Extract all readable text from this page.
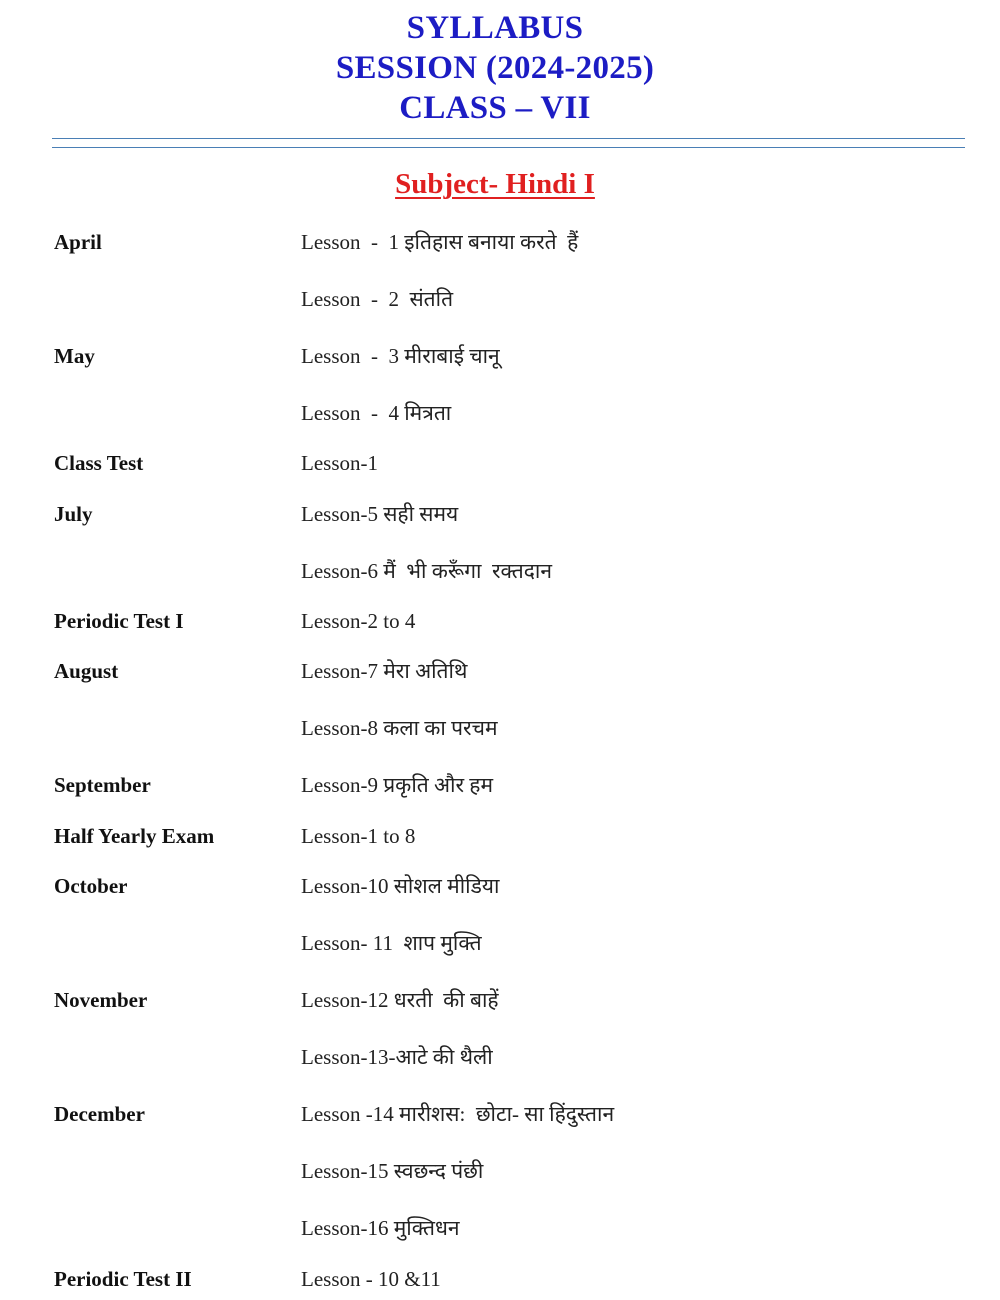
SYLLABUS
SESSION (2024-2025)
CLASS – VII
Subject- Hindi I
April	Lesson  -  1 इतिहास बनाया करते  हैं
Lesson  -  2  संतति
May	Lesson  -  3 मीराबाई चानू
Lesson  -  4 मित्रता
Class Test	Lesson-1
July	Lesson-5 सही समय
Lesson-6 मैं  भी करूँगा  रक्तदान
Periodic Test I	Lesson-2 to 4
August	Lesson-7 मेरा अतिथि
Lesson-8 कला का परचम
September	Lesson-9 प्रकृति और हम
Half Yearly Exam	Lesson-1 to 8
October	Lesson-10 सोशल मीडिया
Lesson- 11  शाप मुक्ति
November	Lesson-12 धरती  की बाहें
Lesson-13-आटे की थैली
December	Lesson -14 मारीशस:  छोटा- सा हिंदुस्तान
Lesson-15 स्वछन्द पंछी
Lesson-16 मुक्तिधन
Periodic Test II	Lesson - 10 &11
